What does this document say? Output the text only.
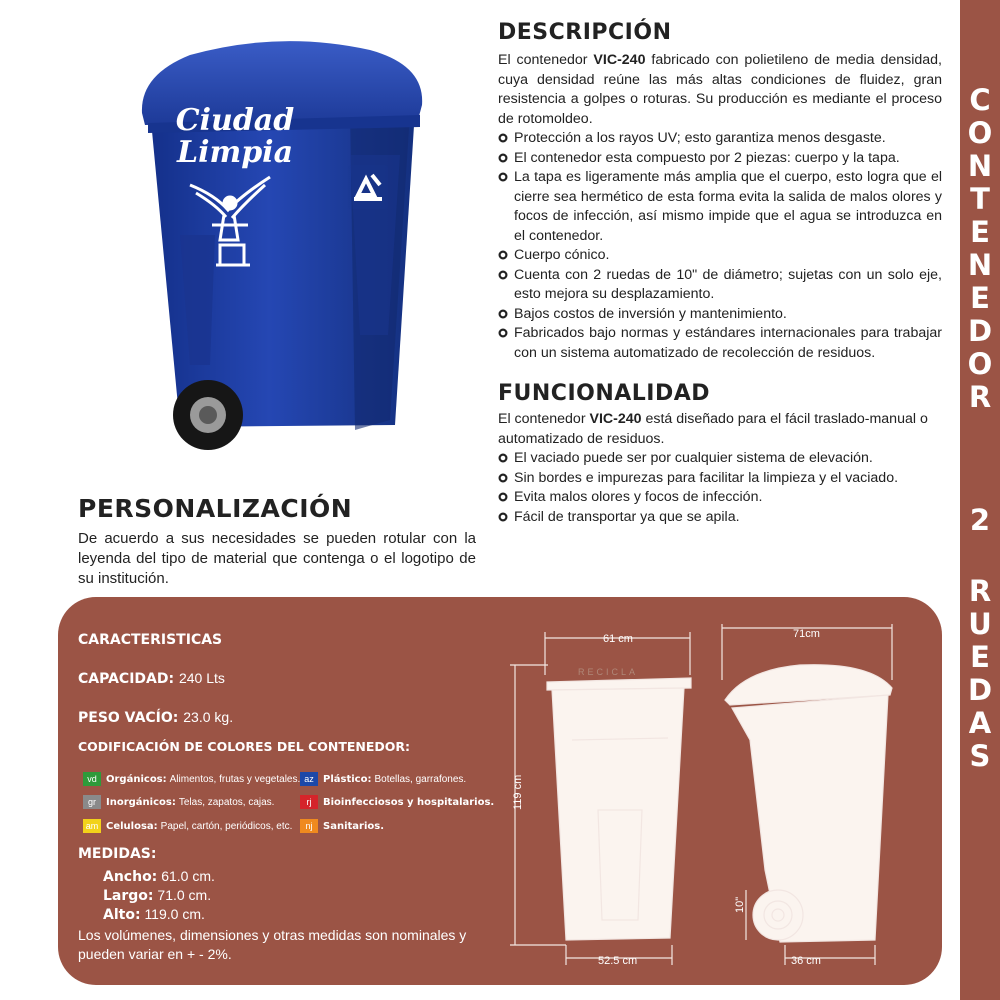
C
O
N
T
E
N
E
D
O
R
2
R
U
E
D
A
S
Ciudad
Limpia
DESCRIPCIÓN
El contenedor VIC-240 fabricado con polietileno de media densidad, cuya densidad reúne las más altas condiciones de fluidez, gran resistencia a golpes o roturas. Su producción es mediante el proceso de rotomoldeo.
Protección a los rayos UV; esto garantiza menos desgaste.
El contenedor esta compuesto por 2 piezas: cuerpo y la tapa.
La tapa es ligeramente más amplia que el cuerpo, esto logra que el cierre sea hermético de esta forma evita la salida de malos olores y focos de infección, así mismo impide que el agua se introduzca en el contenedor.
Cuerpo cónico.
Cuenta con 2 ruedas de 10" de diámetro; sujetas con un solo eje, esto mejora su desplazamiento.
Bajos costos de inversión y mantenimiento.
Fabricados bajo normas y estándares internacionales para trabajar con un sistema automatizado de recolección de residuos.
FUNCIONALIDAD
El contenedor VIC-240 está diseñado para el fácil traslado-manual o automatizado de residuos.
El vaciado puede ser por cualquier sistema de elevación.
Sin bordes e impurezas para facilitar la limpieza y el vaciado.
Evita malos olores y focos de infección.
Fácil de transportar ya que se apila.
PERSONALIZACIÓN
De acuerdo a sus necesidades se pueden rotular con la leyenda del tipo de material que contenga o el logotipo de su institución.
CARACTERISTICAS
CAPACIDAD: 240 Lts
PESO VACÍO: 23.0 kg.
CODIFICACIÓN DE COLORES DEL CONTENEDOR:
vd Orgánicos: Alimentos, frutas y vegetales.
gr	Inorgánicos: Telas, zapatos, cajas.
am Celulosa: Papel, cartón, periódicos, etc.
az Plástico: Botellas, garrafones.
rj	Bioinfecciosos y hospitalarios.
nj	Sanitarios.
MEDIDAS:
Ancho: 61.0 cm.
Largo: 71.0 cm.
Alto: 119.0 cm.
Los volúmenes, dimensiones y otras medidas son nominales y pueden variar en + - 2%.
61 cm
52.5 cm
119 cm
71cm
10"
36 cm
RECICLA
